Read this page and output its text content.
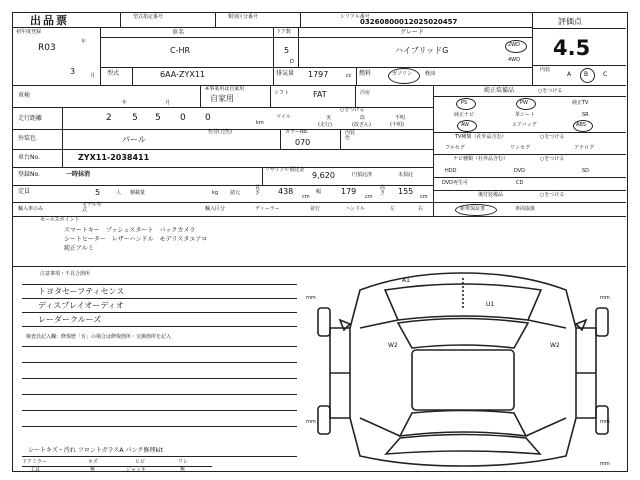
出品票	型式指定番号	類別区分番号	シリアル番号
03260800012025020457	評価点
4.5
初年度登録
R03
年
3	月
車名
C-HR
ドア数
5
D
グレード
ハイブリッドG
2WD
4WD
型式	6AA-ZYX11	排気量 1797	cc 燃料	ガソリン	軽油
内装
A B C
車検
年	月
※事業用は自家用
自家用
シフト	FAT	冷房
走行距離	2 5 5 0 0	km
マイル
○をつける
実	改	不明
(走行)	(改ざん)	(不明)
外装色	パール
色替(元色)	カラーNo.
070
内装色
車台No.	ZYX11-2038411
登録No.	一時抹消
リサイクル預託金
9,620	円預託済	未預託
定員	5	人 積載量	kg 諸元
長さ	438
cm
幅 179
cm
高さ	155
cm
輸入車のみ
モデル年式	輸入区分	ディーラー	並行	ハンドル	左	右
純正装備品	○をつける
PS	PW	純正TV
純正ナビ	革シート	SR
AW	エアバッグ	ABS
TV種類（社外品含む）	○をつける
フルセグ	ワンセグ	アナログ
ナビ種類（社外品含む）	○をつける
HDD	DVD	SD
DVD再生可	CD
後付装備品	○をつける
新車保証書	車両取扱
セールスポイント
スマートキー　プッシュスタート　バックカメラ
シートヒーター　レザーハンドル　モデリスタエアロ
純正アルミ
注意事項・不具合箇所
トヨタセーフティセンス
ディスプレイオーディオ
レーダークルーズ
検査員記入欄：修復歴「有」の場合は修復箇所・交換箇所を記入
シートキズ・汚れ フロントガラスA パンク修理kit
ドアミラー	キズ	ヒビ	ワレ
工具	無	ジャッキ	無
A1
U1
W2	W2
mm	mm
mm	mm
mm
